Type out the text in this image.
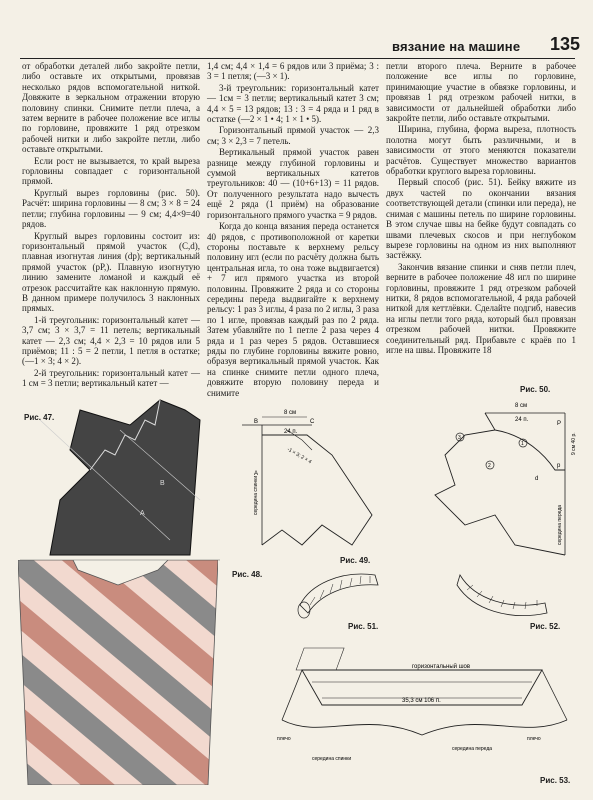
вязание на машине 135

от обработки деталей либо закройте петли, либо оставьте их открытыми, провязав несколько рядов вспомогательной ниткой. Довяжите в зеркальном отражении вторую половину спинки. Снимите петли плеча, а затем верните в рабочее положение все иглы по горловине, провяжите 1 ряд отрезком рабочей нитки и либо закройте петли, либо оставьте открытыми.

Если рост не вызывается, то край выреза горловины совпадает с горизонтальной прямой.

Круглый вырез горловины (рис. 50). Расчёт: ширина горловины — 8 см; 3 × 8 = 24 петли; глубина горловины — 9 см; 4,4×9=40 рядов.

Круглый вырез горловины состоит из: горизонтальный прямой участок (C,d), плавная изогнутая линия (dp); вертикальный прямой участок (pP,). Плавную изогнутую линию замените ломаной и каждый её отрезок рассчитайте как наклонную прямую. В данном примере получилось 3 наклонных прямых.

1-й треугольник: горизонтальный катет — 3,7 см; 3 × 3,7 = 11 петель; вертикальный катет — 2,3 см; 4,4 × 2,3 = 10 рядов или 5 приёмов; 11 : 5 = 2 петли, 1 петля в остатке; (—1 × 3; 4 × 2).

2-й треугольник: горизонтальный катет — 1 см = 3 петли; вертикальный катет —

1,4 см; 4,4 × 1,4 = 6 рядов или 3 приёма; 3 : 3 = 1 петля; (—3 × 1).

3-й треугольник: горизонтальный катет — 1см = 3 петли; вертикальный катет 3 см; 4,4 × 5 = 13 рядов; 13 : 3 = 4 ряда и 1 ряд в остатке (—2 × 1 • 4; 1 × 1 • 5).

Горизонтальный прямой участок — 2,3 см; 3 × 2,3 = 7 петель.

Вертикальный прямой участок равен разнице между глубиной горловины и суммой вертикальных катетов треугольников: 40 — (10+6+13) = 11 рядов. От полученного результата надо вычесть ещё 2 ряда (1 приём) на образование горизонтального прямого участка = 9 рядов.

Когда до конца вязания переда останется 40 рядов, с противоположной от каретки стороны поставьте к верхнему рельсу половину игл (если по расчёту должна быть центральная игла, то она тоже выдвигается) + 7 игл прямого участка из второй половины. Провяжите 2 ряда и со стороны середины переда выдвигайте к верхнему рельсу: 1 раз 3 иглы, 4 раза по 2 иглы, 3 раза по 1 игле, провязав каждый раз по 2 ряда. Затем убавляйте по 1 петле 2 раза через 4 ряда и 1 раз через 5 рядов. Оставшиеся ряды по глубине горловины вяжите ровно, образуя вертикальный прямой участок. Как на спинке снимите петли одного плеча, довяжите вторую половину переда и снимите

петли второго плеча. Верните в рабочее положение все иглы по горловине, принимающие участие в обвязке горловины, и провязав 1 ряд отрезком рабочей нитки, в зависимости от дальнейшей обработки либо закройте петли, либо оставьте открытыми.

Ширина, глубина, форма выреза, плотность полотна могут быть различными, и в зависимости от этого меняются показатели расчётов. Существует множество вариантов обработки круглого выреза горловины.

Первый способ (рис. 51). Бейку вяжите из двух частей по окончании вязания соответствующей детали (спинки или переда), не снимая с машины петель по ширине горловины. В этом случае швы на бейке будут совпадать со швами плечевых скосов и при неглубоком вырезе горловины на одном из них выполняют застёжку.

Закончив вязание спинки и сняв петли плеч, верните в рабочее положение 48 игл по ширине горловины, провяжите 1 ряд отрезком рабочей нитки, 8 рядов вспомогательной, 4 ряда рабочей ниткой для кеттлёвки. Сделайте подгиб, навесив на иглы петли того ряда, который был провязан отрезком рабочей нитки. Провяжите соединительный ряд. Прибавьте с краёв по 1 игле на швы. Провяжите 18

A
B
Рис. 47.	8 см
24 п.
-1 × 3; 2 × 4
середина спинки
A
B	C
Рис. 49.
8 см
24 п.
9 см 40 р.
1
2
3
P
p
d
середина переда
Рис. 50.
Рис. 48.
Рис. 51.	Рис. 52.
горизонтальный шов
35,3 см 106 п.
плечо
середина спинки
середина переда
плечо
Рис. 53.
